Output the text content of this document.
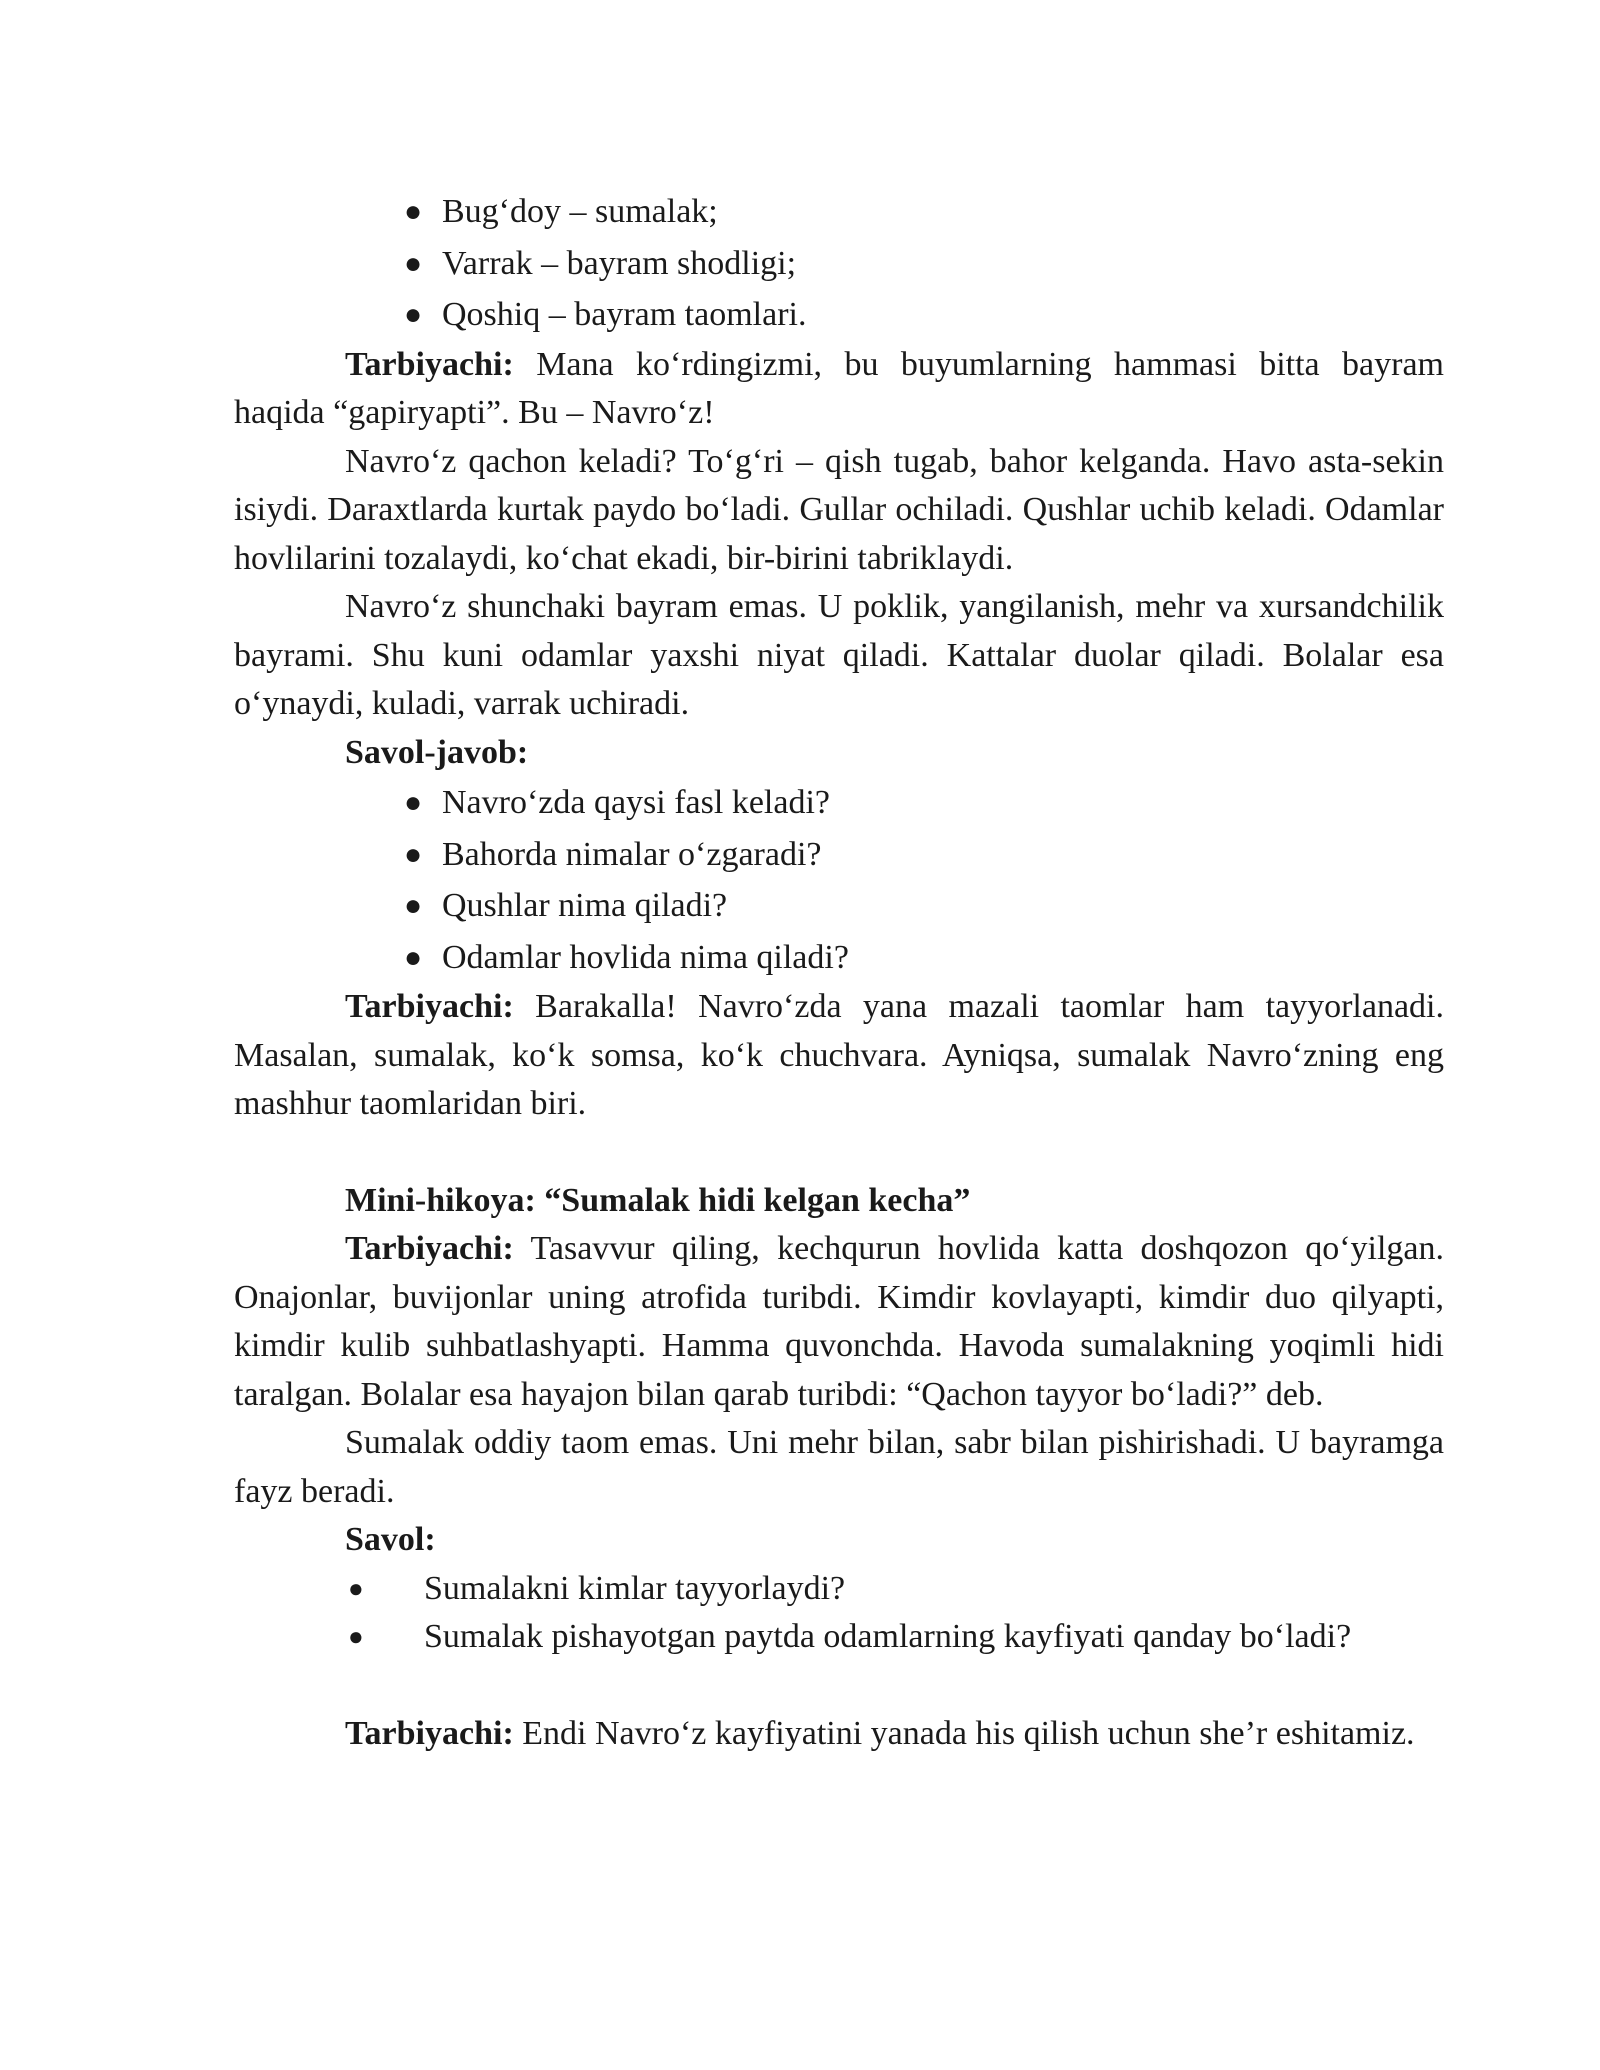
● Bug‘doy – sumalak;
● Varrak – bayram shodligi;
● Qoshiq – bayram taomlari.

Tarbiyachi: Mana ko‘rdingizmi, bu buyumlarning hammasi bitta bayram haqida “gapiryapti”. Bu – Navro‘z!

Navro‘z qachon keladi? To‘g‘ri – qish tugab, bahor kelganda. Havo asta-sekin isiydi. Daraxtlarda kurtak paydo bo‘ladi. Gullar ochiladi. Qushlar uchib keladi. Odamlar hovlilarini tozalaydi, ko‘chat ekadi, bir-birini tabriklaydi.

Navro‘z shunchaki bayram emas. U poklik, yangilanish, mehr va xursandchilik bayrami. Shu kuni odamlar yaxshi niyat qiladi. Kattalar duolar qiladi. Bolalar esa o‘ynaydi, kuladi, varrak uchiradi.

Savol-javob:
● Navro‘zda qaysi fasl keladi?
● Bahorda nimalar o‘zgaradi?
● Qushlar nima qiladi?
● Odamlar hovlida nima qiladi?

Tarbiyachi: Barakalla! Navro‘zda yana mazali taomlar ham tayyorlanadi. Masalan, sumalak, ko‘k somsa, ko‘k chuchvara. Ayniqsa, sumalak Navro‘zning eng mashhur taomlaridan biri.

Mini-hikoya: “Sumalak hidi kelgan kecha”

Tarbiyachi: Tasavvur qiling, kechqurun hovlida katta doshqozon qo‘yilgan. Onajonlar, buvijonlar uning atrofida turibdi. Kimdir kovlayapti, kimdir duo qilyapti, kimdir kulib suhbatlashyapti. Hamma quvonchda. Havoda sumalakning yoqimli hidi taralgan. Bolalar esa hayajon bilan qarab turibdi: “Qachon tayyor bo‘ladi?” deb.

Sumalak oddiy taom emas. Uni mehr bilan, sabr bilan pishirishadi. U bayramga fayz beradi.

Savol:
● Sumalakni kimlar tayyorlaydi?
● Sumalak pishayotgan paytda odamlarning kayfiyati qanday bo‘ladi?

Tarbiyachi: Endi Navro‘z kayfiyatini yanada his qilish uchun she’r eshitamiz.
